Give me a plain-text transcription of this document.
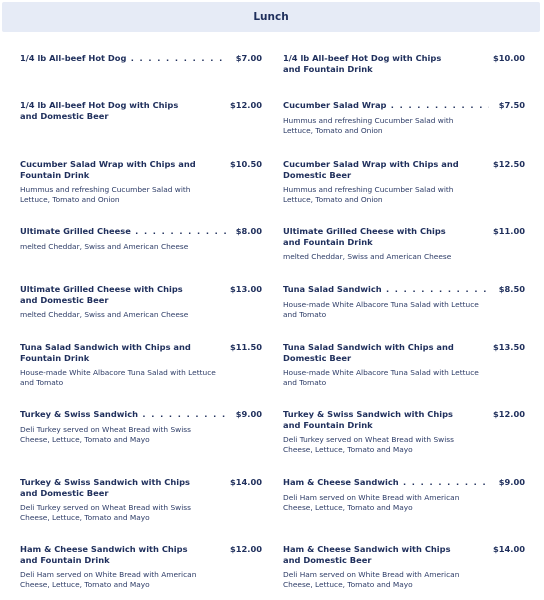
Lunch
1/4 lb All-beef Hot Dog . . .	$7.00	1/4 lb All-beef Hot Dog with Chips and Fountain Drink
$10.00
1/4 lb All-beef Hot Dog with Chips and Domestic Beer
$12.00	Cucumber Salad Wrap . . .	$7.50
Hummus and refreshing Cucumber Salad with Lettuce, Tomato and Onion
Cucumber Salad Wrap with Chips and Fountain Drink
$10.50
Hummus and refreshing Cucumber Salad with Lettuce, Tomato and Onion
Cucumber Salad Wrap with Chips and Domestic Beer
$12.50
Hummus and refreshing Cucumber Salad with Lettuce, Tomato and Onion
Ultimate Grilled Cheese . . .	$8.00
melted Cheddar, Swiss and American Cheese
Ultimate Grilled Cheese with Chips and Fountain Drink
$11.00
melted Cheddar, Swiss and American Cheese
Ultimate Grilled Cheese with Chips and Domestic Beer
$13.00
melted Cheddar, Swiss and American Cheese
Tuna Salad Sandwich . . .	$8.50
House-made White Albacore Tuna Salad with Lettuce and Tomato
Tuna Salad Sandwich with Chips and Fountain Drink
$11.50
House-made White Albacore Tuna Salad with Lettuce and Tomato
Tuna Salad Sandwich with Chips and Domestic Beer
$13.50
House-made White Albacore Tuna Salad with Lettuce and Tomato
Turkey & Swiss Sandwich . . .	$9.00
Deli Turkey served on Wheat Bread with Swiss Cheese, Lettuce, Tomato and Mayo
Turkey & Swiss Sandwich with Chips and Fountain Drink
$12.00
Deli Turkey served on Wheat Bread with Swiss Cheese, Lettuce, Tomato and Mayo
Turkey & Swiss Sandwich with Chips and Domestic Beer
$14.00
Deli Turkey served on Wheat Bread with Swiss Cheese, Lettuce, Tomato and Mayo
Ham & Cheese Sandwich . . .	$9.00
Deli Ham served on White Bread with American Cheese, Lettuce, Tomato and Mayo
Ham & Cheese Sandwich with Chips and Fountain Drink
$12.00
Deli Ham served on White Bread with American Cheese, Lettuce, Tomato and Mayo
Ham & Cheese Sandwich with Chips and Domestic Beer
$14.00
Deli Ham served on White Bread with American Cheese, Lettuce, Tomato and Mayo
